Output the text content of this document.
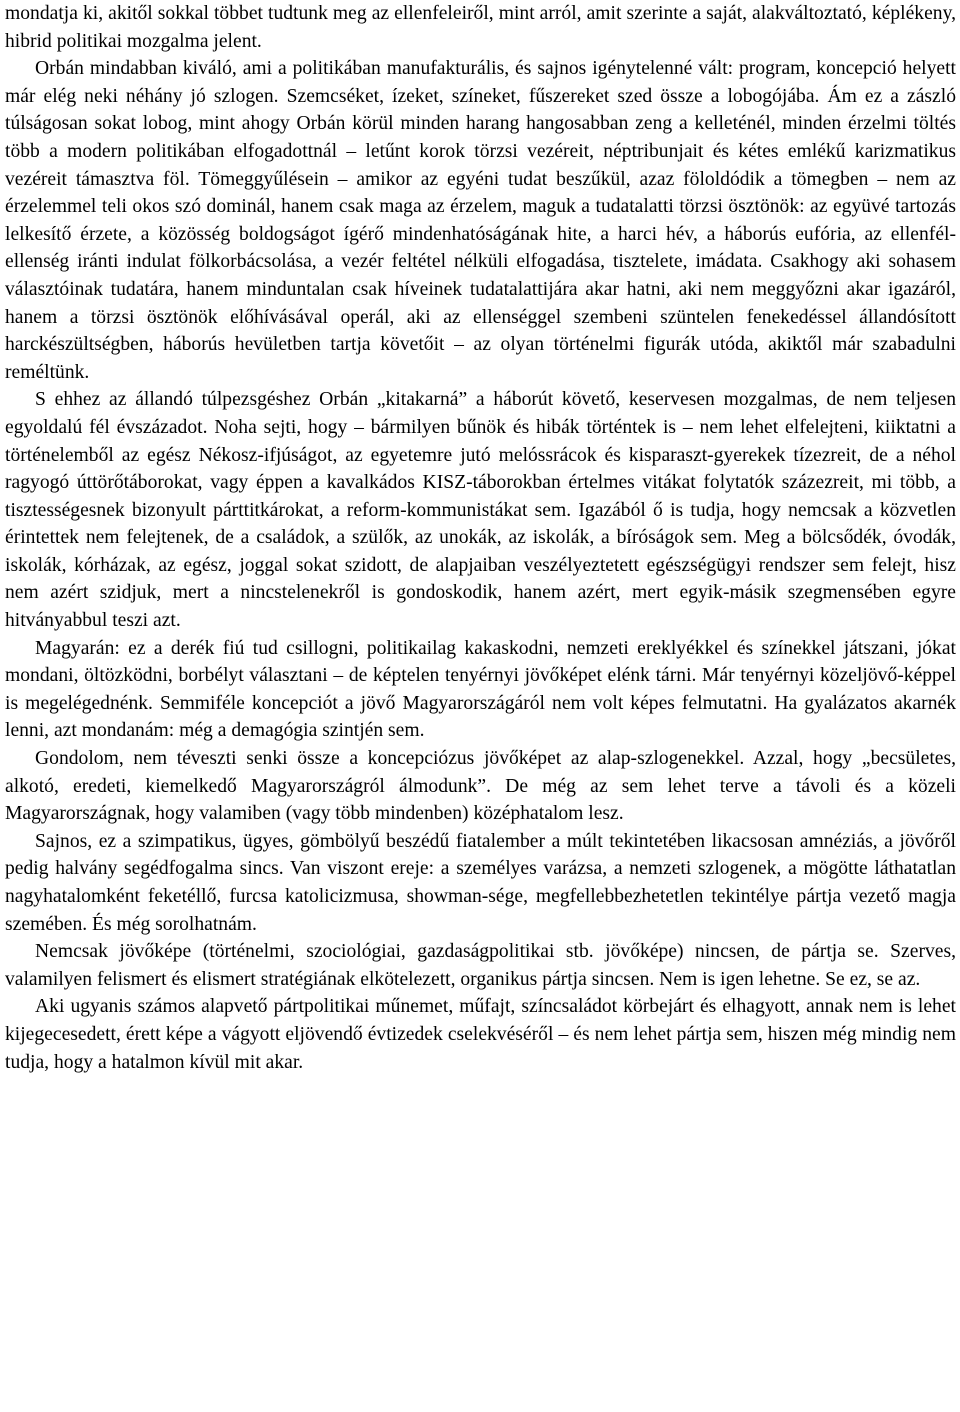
mondatja ki, akitől sokkal többet tudtunk meg az ellenfeleiről, mint arról, amit szerinte a saját, alakváltoztató, képlékeny, hibrid politikai mozgalma jelent.

Orbán mindabban kiváló, ami a politikában manufakturális, és sajnos igénytelenné vált: program, koncepció helyett már elég neki néhány jó szlogen. Szemcséket, ízeket, színeket, fűszereket szed össze a lobogójába. Ám ez a zászló túlságosan sokat lobog, mint ahogy Orbán körül minden harang hangosabban zeng a kelleténél, minden érzelmi töltés több a modern politikában elfogadottnál – letűnt korok törzsi vezéreit, néptribunjait és kétes emlékű karizmatikus vezéreit támasztva föl. Tömeggyűlésein – amikor az egyéni tudat beszűkül, azaz föloldódik a tömegben – nem az érzelemmel teli okos szó dominál, hanem csak maga az érzelem, maguk a tudatalatti törzsi ösztönök: az együvé tartozás lelkesítő érzete, a közösség boldogságot ígérő mindenhatóságának hite, a harci hév, a háborús eufória, az ellenfél-ellenség iránti indulat fölkorbácsolása, a vezér feltétel nélküli elfogadása, tisztelete, imádata. Csakhogy aki sohasem választóinak tudatára, hanem minduntalan csak híveinek tudatalattijára akar hatni, aki nem meggyőzni akar igazáról, hanem a törzsi ösztönök előhívásával operál, aki az ellenséggel szembeni szüntelen fenekedéssel állandósított harckészültségben, háborús hevületben tartja követőit – az olyan történelmi figurák utóda, akiktől már szabadulni reméltünk.

S ehhez az állandó túlpezsgéshez Orbán „kitakarná” a háborút követő, keservesen mozgalmas, de nem teljesen egyoldalú fél évszázadot. Noha sejti, hogy – bármilyen bűnök és hibák történtek is – nem lehet elfelejteni, kiiktatni a történelemből az egész Nékosz-ifjúságot, az egyetemre jutó melóssrácok és kisparaszt-gyerekek tízezreit, de a néhol ragyogó úttörőtáborokat, vagy éppen a kavalkádos KISZ-táborokban értelmes vitákat folytatók százezreit, mi több, a tisztességesnek bizonyult párttitkárokat, a reform-kommunistákat sem. Igazából ő is tudja, hogy nemcsak a közvetlen érintettek nem felejtenek, de a családok, a szülők, az unokák, az iskolák, a bíróságok sem. Meg a bölcsődék, óvodák, iskolák, kórházak, az egész, joggal sokat szidott, de alapjaiban veszélyeztetett egészségügyi rendszer sem felejt, hisz nem azért szidjuk, mert a nincstelenekről is gondoskodik, hanem azért, mert egyik-másik szegmensében egyre hitványabbul teszi azt.

Magyarán: ez a derék fiú tud csillogni, politikailag kakaskodni, nemzeti ereklyékkel és színekkel játszani, jókat mondani, öltözködni, borbélyt választani – de képtelen tenyérnyi jövőképet elénk tárni. Már tenyérnyi közeljövő-képpel is megelégednénk. Semmiféle koncepciót a jövő Magyarországáról nem volt képes felmutatni. Ha gyalázatos akarnék lenni, azt mondanám: még a demagógia szintjén sem.

Gondolom, nem téveszti senki össze a koncepciózus jövőképet az alap-szlogenekkel. Azzal, hogy „becsületes, alkotó, eredeti, kiemelkedő Magyarországról álmodunk”. De még az sem lehet terve a távoli és a közeli Magyarországnak, hogy valamiben (vagy több mindenben) középhatalom lesz.

Sajnos, ez a szimpatikus, ügyes, gömbölyű beszédű fiatalember a múlt tekintetében likacsosan amnéziás, a jövőről pedig halvány segédfogalma sincs. Van viszont ereje: a személyes varázsa, a nemzeti szlogenek, a mögötte láthatatlan nagyhatalomként feketéllő, furcsa katolicizmusa, showman-sége, megfellebbezhetetlen tekintélye pártja vezető magja szemében. És még sorolhatnám.

Nemcsak jövőképe (történelmi, szociológiai, gazdaságpolitikai stb. jövőképe) nincsen, de pártja se. Szerves, valamilyen felismert és elismert stratégiának elkötelezett, organikus pártja sincsen. Nem is igen lehetne. Se ez, se az.

Aki ugyanis számos alapvető pártpolitikai műnemet, műfajt, színcsaládot körbejárt és elhagyott, annak nem is lehet kijegecesedett, érett képe a vágyott eljövendő évtizedek cselekvéséről – és nem lehet pártja sem, hiszen még mindig nem tudja, hogy a hatalmon kívül mit akar.
